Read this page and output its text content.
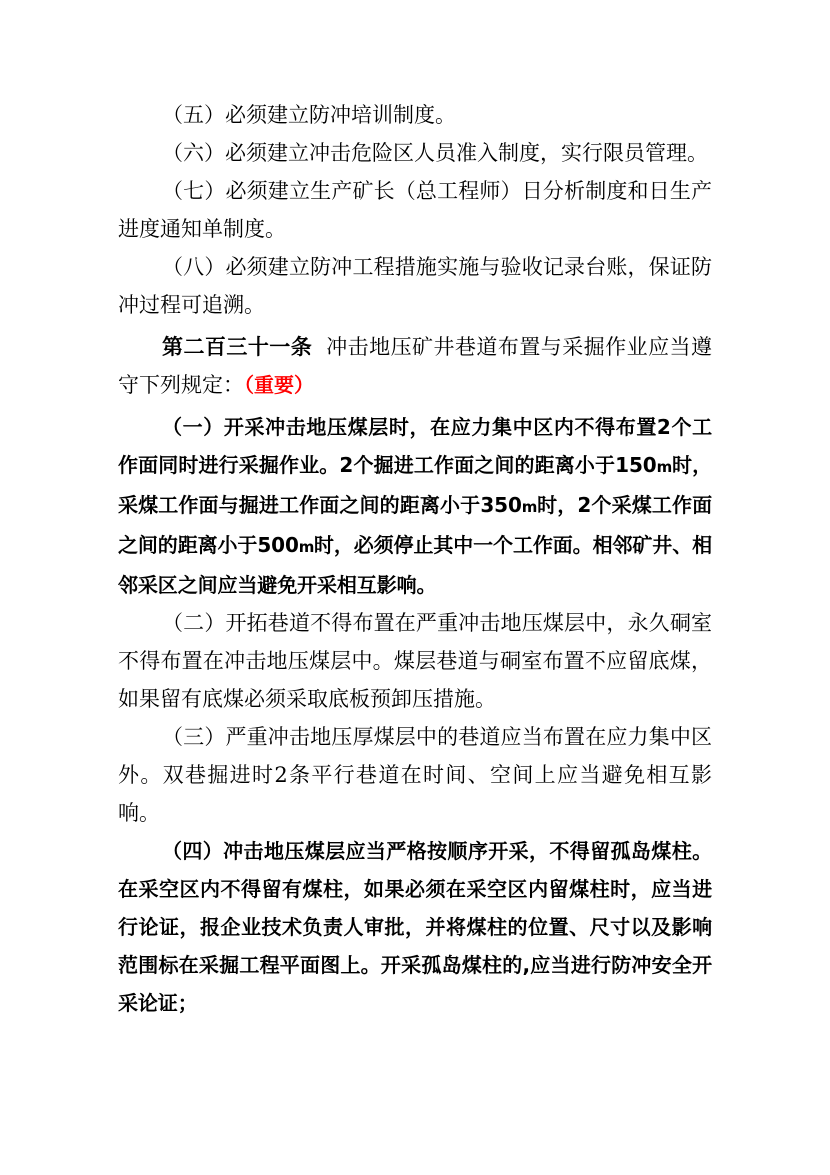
（五）必须建立防冲培训制度。

（六）必须建立冲击危险区人员准入制度，实行限员管理。

（七）必须建立生产矿长（总工程师）日分析制度和日生产进度通知单制度。

（八）必须建立防冲工程措施实施与验收记录台账，保证防冲过程可追溯。

第二百三十一条 冲击地压矿井巷道布置与采掘作业应当遵守下列规定：（重要）

（一）开采冲击地压煤层时，在应力集中区内不得布置2个工作面同时进行采掘作业。2个掘进工作面之间的距离小于150m时，采煤工作面与掘进工作面之间的距离小于350m时，2个采煤工作面之间的距离小于500m时，必须停止其中一个工作面。相邻矿井、相邻采区之间应当避免开采相互影响。

（二）开拓巷道不得布置在严重冲击地压煤层中，永久硐室不得布置在冲击地压煤层中。煤层巷道与硐室布置不应留底煤，如果留有底煤必须采取底板预卸压措施。

（三）严重冲击地压厚煤层中的巷道应当布置在应力集中区外。双巷掘进时2条平行巷道在时间、空间上应当避免相互影响。

（四）冲击地压煤层应当严格按顺序开采，不得留孤岛煤柱。在采空区内不得留有煤柱，如果必须在采空区内留煤柱时，应当进行论证，报企业技术负责人审批，并将煤柱的位置、尺寸以及影响范围标在采掘工程平面图上。开采孤岛煤柱的,应当进行防冲安全开采论证；
